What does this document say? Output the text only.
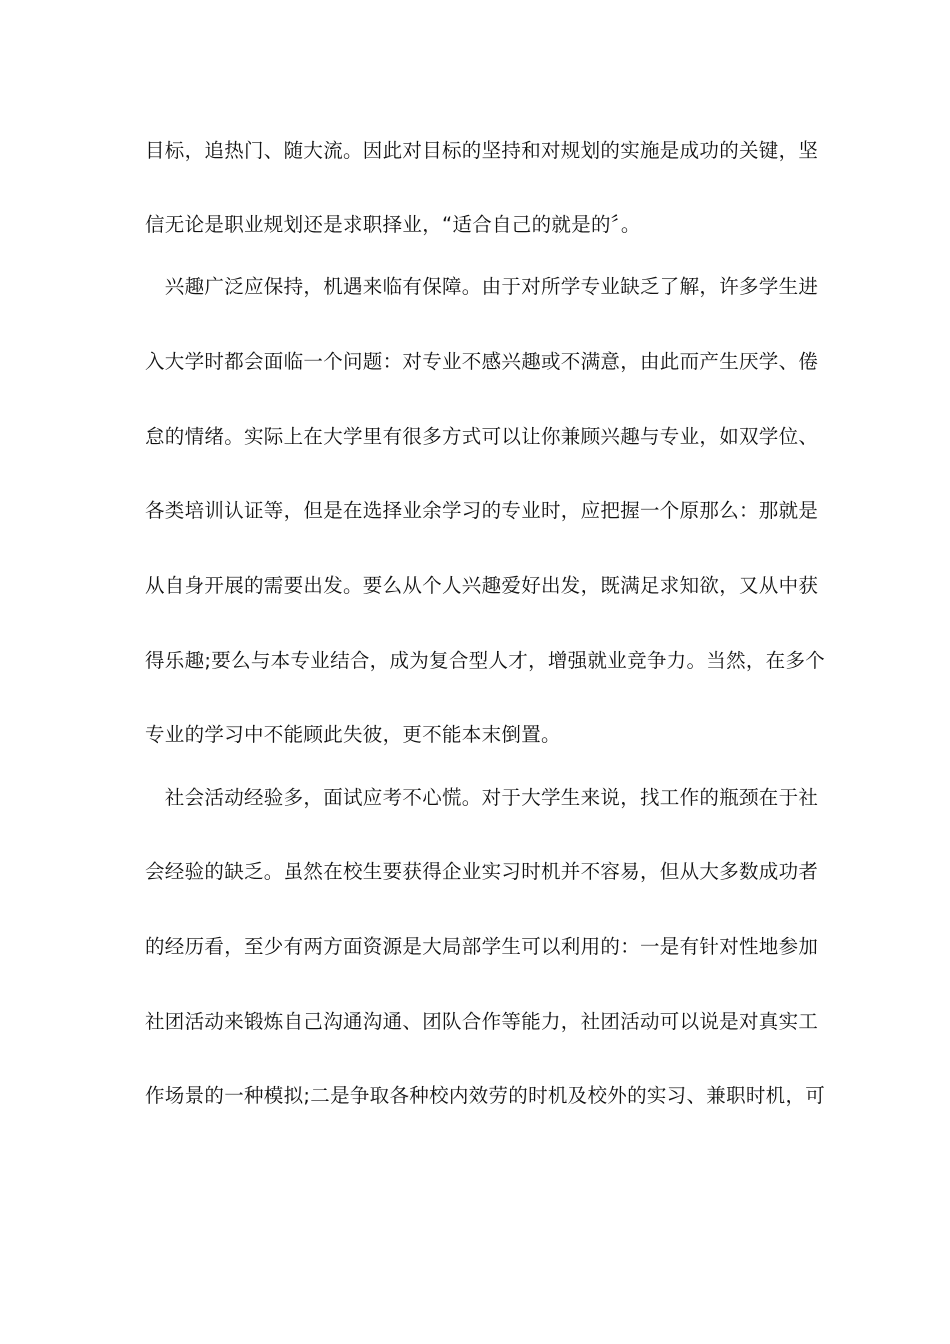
目标，追热门、随大流。因此对目标的坚持和对规划的实施是成功的关键，坚
信无论是职业规划还是求职择业，“适合自己的就是的〞。
　兴趣广泛应保持，机遇来临有保障。由于对所学专业缺乏了解，许多学生进
入大学时都会面临一个问题：对专业不感兴趣或不满意，由此而产生厌学、倦
怠的情绪。实际上在大学里有很多方式可以让你兼顾兴趣与专业，如双学位、
各类培训认证等，但是在选择业余学习的专业时，应把握一个原那么：那就是
从自身开展的需要出发。要么从个人兴趣爱好出发，既满足求知欲，又从中获
得乐趣;要么与本专业结合，成为复合型人才，增强就业竞争力。当然，在多个
专业的学习中不能顾此失彼，更不能本末倒置。
　社会活动经验多，面试应考不心慌。对于大学生来说，找工作的瓶颈在于社
会经验的缺乏。虽然在校生要获得企业实习时机并不容易，但从大多数成功者
的经历看，至少有两方面资源是大局部学生可以利用的：一是有针对性地参加
社团活动来锻炼自己沟通沟通、团队合作等能力，社团活动可以说是对真实工
作场景的一种模拟;二是争取各种校内效劳的时机及校外的实习、兼职时机，可
